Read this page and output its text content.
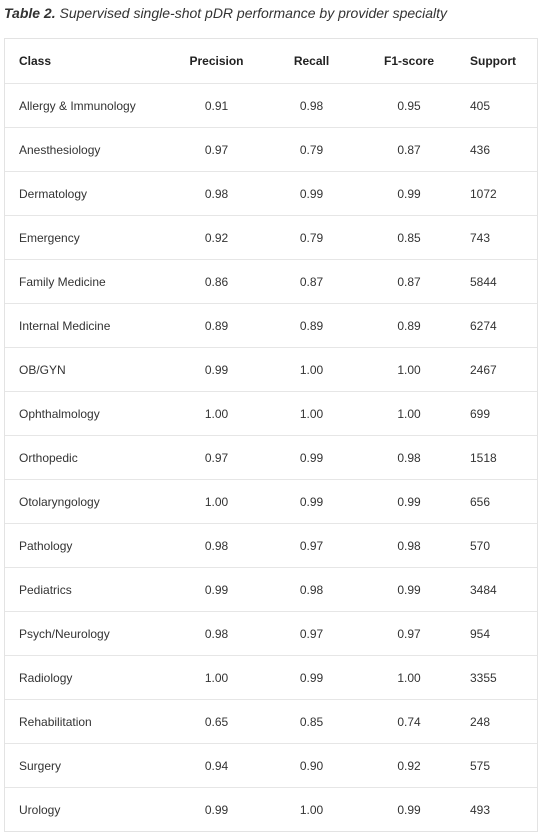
Table 2. Supervised single-shot pDR performance by provider specialty
Class	Precision	Recall	F1-score	Support
Allergy & Immunology	0.91	0.98	0.95	405
Anesthesiology	0.97	0.79	0.87	436
Dermatology	0.98	0.99	0.99	1072
Emergency	0.92	0.79	0.85	743
Family Medicine	0.86	0.87	0.87	5844
Internal Medicine	0.89	0.89	0.89	6274
OB/GYN	0.99	1.00	1.00	2467
Ophthalmology	1.00	1.00	1.00	699
Orthopedic	0.97	0.99	0.98	1518
Otolaryngology	1.00	0.99	0.99	656
Pathology	0.98	0.97	0.98	570
Pediatrics	0.99	0.98	0.99	3484
Psych/Neurology	0.98	0.97	0.97	954
Radiology	1.00	0.99	1.00	3355
Rehabilitation	0.65	0.85	0.74	248
Surgery	0.94	0.90	0.92	575
Urology	0.99	1.00	0.99	493
